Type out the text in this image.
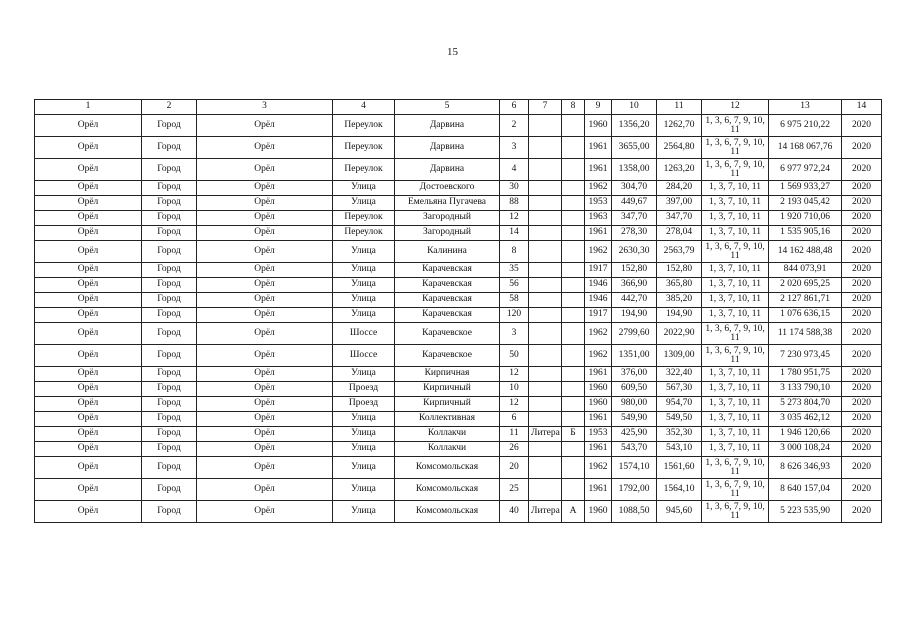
15
1	2	3	4	5	6	7	8	9	10	11	12	13	14
Орёл	Город	Орёл	Переулок	Дарвина	2			1960	1356,20	1262,70	1, 3, 6, 7, 9, 10, 11	6 975 210,22	2020
Орёл	Город	Орёл	Переулок	Дарвина	3			1961	3655,00	2564,80	1, 3, 6, 7, 9, 10, 11	14 168 067,76	2020
Орёл	Город	Орёл	Переулок	Дарвина	4			1961	1358,00	1263,20	1, 3, 6, 7, 9, 10, 11	6 977 972,24	2020
Орёл	Город	Орёл	Улица	Достоевского	30			1962	304,70	284,20	1, 3, 7, 10, 11	1 569 933,27	2020
Орёл	Город	Орёл	Улица	Емельяна Пугачева	88			1953	449,67	397,00	1, 3, 7, 10, 11	2 193 045,42	2020
Орёл	Город	Орёл	Переулок	Загородный	12			1963	347,70	347,70	1, 3, 7, 10, 11	1 920 710,06	2020
Орёл	Город	Орёл	Переулок	Загородный	14			1961	278,30	278,04	1, 3, 7, 10, 11	1 535 905,16	2020
Орёл	Город	Орёл	Улица	Калинина	8			1962	2630,30	2563,79	1, 3, 6, 7, 9, 10, 11	14 162 488,48	2020
Орёл	Город	Орёл	Улица	Карачевская	35			1917	152,80	152,80	1, 3, 7, 10, 11	844 073,91	2020
Орёл	Город	Орёл	Улица	Карачевская	56			1946	366,90	365,80	1, 3, 7, 10, 11	2 020 695,25	2020
Орёл	Город	Орёл	Улица	Карачевская	58			1946	442,70	385,20	1, 3, 7, 10, 11	2 127 861,71	2020
Орёл	Город	Орёл	Улица	Карачевская	120			1917	194,90	194,90	1, 3, 7, 10, 11	1 076 636,15	2020
Орёл	Город	Орёл	Шоссе	Карачевское	3			1962	2799,60	2022,90	1, 3, 6, 7, 9, 10, 11	11 174 588,38	2020
Орёл	Город	Орёл	Шоссе	Карачевское	50			1962	1351,00	1309,00	1, 3, 6, 7, 9, 10, 11	7 230 973,45	2020
Орёл	Город	Орёл	Улица	Кирпичная	12			1961	376,00	322,40	1, 3, 7, 10, 11	1 780 951,75	2020
Орёл	Город	Орёл	Проезд	Кирпичный	10			1960	609,50	567,30	1, 3, 7, 10, 11	3 133 790,10	2020
Орёл	Город	Орёл	Проезд	Кирпичный	12			1960	980,00	954,70	1, 3, 7, 10, 11	5 273 804,70	2020
Орёл	Город	Орёл	Улица	Коллективная	6			1961	549,90	549,50	1, 3, 7, 10, 11	3 035 462,12	2020
Орёл	Город	Орёл	Улица	Коллакчи	11	Литера	Б	1953	425,90	352,30	1, 3, 7, 10, 11	1 946 120,66	2020
Орёл	Город	Орёл	Улица	Коллакчи	26			1961	543,70	543,10	1, 3, 7, 10, 11	3 000 108,24	2020
Орёл	Город	Орёл	Улица	Комсомольская	20			1962	1574,10	1561,60	1, 3, 6, 7, 9, 10, 11	8 626 346,93	2020
Орёл	Город	Орёл	Улица	Комсомольская	25			1961	1792,00	1564,10	1, 3, 6, 7, 9, 10, 11	8 640 157,04	2020
Орёл	Город	Орёл	Улица	Комсомольская	40	Литера	А	1960	1088,50	945,60	1, 3, 6, 7, 9, 10, 11	5 223 535,90	2020
